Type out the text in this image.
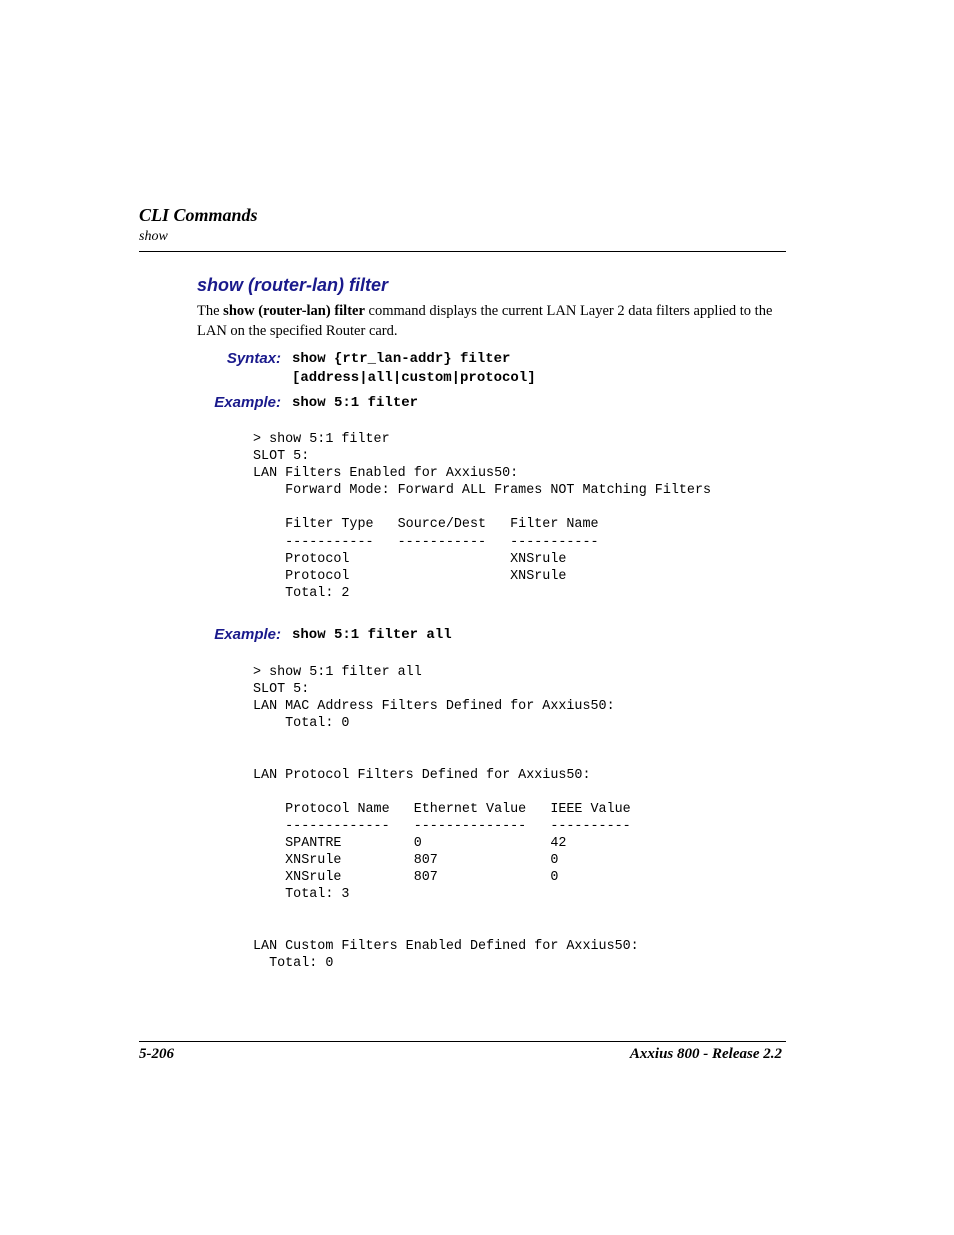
CLI Commands
show
show (router-lan) filter
The show (router-lan) filter command displays the current LAN Layer 2 data filters applied to the LAN on the specified Router card.
Syntax: show {rtr_lan-addr} filter
[address|all|custom|protocol]
Example: show 5:1 filter
> show 5:1 filter
SLOT 5:
LAN Filters Enabled for Axxius50:
Forward Mode: Forward ALL Frames NOT Matching Filters

Filter Type   Source/Dest   Filter Name
-----------   -----------   -----------
Protocol                    XNSrule
Protocol                    XNSrule
Total: 2
Example: show 5:1 filter all
> show 5:1 filter all
SLOT 5:
LAN MAC Address Filters Defined for Axxius50:
Total: 0

LAN Protocol Filters Defined for Axxius50:

Protocol Name   Ethernet Value   IEEE Value
-------------   --------------   ----------
SPANTRE         0                42
XNSrule         807              0
XNSrule         807              0
Total: 3

LAN Custom Filters Enabled Defined for Axxius50:
Total: 0
5-206	Axxius 800 - Release 2.2
